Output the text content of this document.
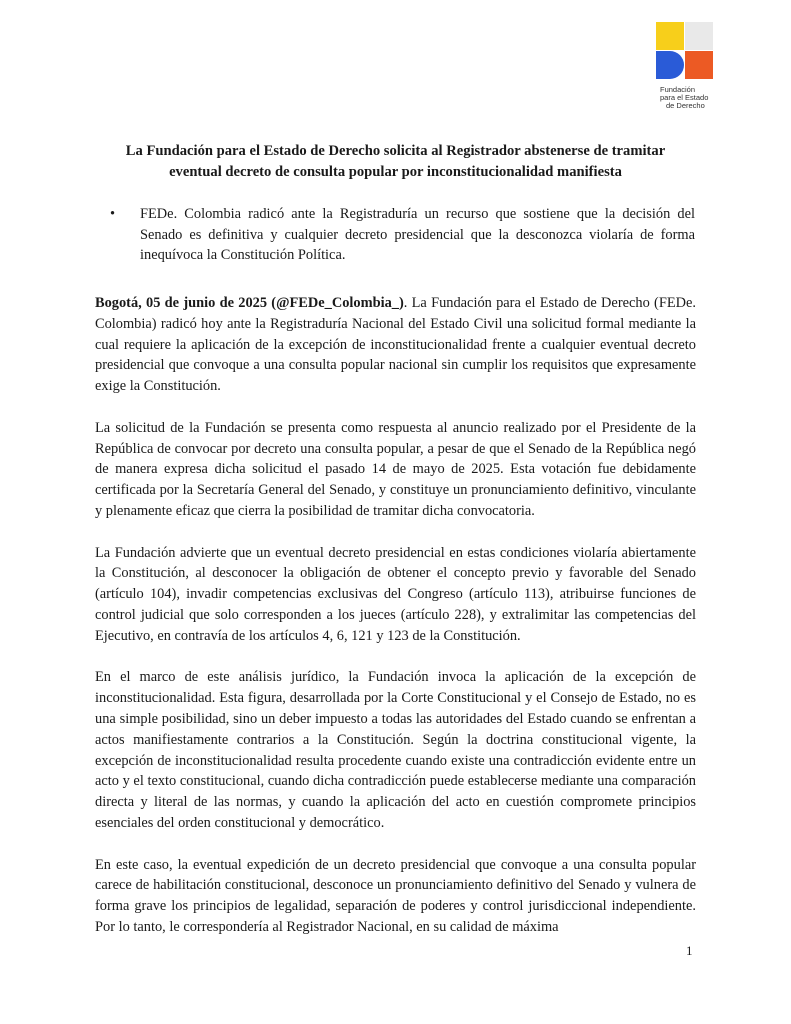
Fundación
para el Estado
de Derecho
La Fundación para el Estado de Derecho solicita al Registrador abstenerse de tramitar eventual decreto de consulta popular por inconstitucionalidad manifiesta
•	FEDe. Colombia radicó ante la Registraduría un recurso que sostiene que la decisión del Senado es definitiva y cualquier decreto presidencial que la desconozca violaría de forma inequívoca la Constitución Política.

Bogotá, 05 de junio de 2025 (@FEDe_Colombia_). La Fundación para el Estado de Derecho (FEDe. Colombia) radicó hoy ante la Registraduría Nacional del Estado Civil una solicitud formal mediante la cual requiere la aplicación de la excepción de inconstitucionalidad frente a cualquier eventual decreto presidencial que convoque a una consulta popular nacional sin cumplir los requisitos que expresamente exige la Constitución.

La solicitud de la Fundación se presenta como respuesta al anuncio realizado por el Presidente de la República de convocar por decreto una consulta popular, a pesar de que el Senado de la República negó de manera expresa dicha solicitud el pasado 14 de mayo de 2025. Esta votación fue debidamente certificada por la Secretaría General del Senado, y constituye un pronunciamiento definitivo, vinculante y plenamente eficaz que cierra la posibilidad de tramitar dicha convocatoria.

La Fundación advierte que un eventual decreto presidencial en estas condiciones violaría abiertamente la Constitución, al desconocer la obligación de obtener el concepto previo y favorable del Senado (artículo 104), invadir competencias exclusivas del Congreso (artículo 113), atribuirse funciones de control judicial que solo corresponden a los jueces (artículo 228), y extralimitar las competencias del Ejecutivo, en contravía de los artículos 4, 6, 121 y 123 de la Constitución.

En el marco de este análisis jurídico, la Fundación invoca la aplicación de la excepción de inconstitucionalidad. Esta figura, desarrollada por la Corte Constitucional y el Consejo de Estado, no es una simple posibilidad, sino un deber impuesto a todas las autoridades del Estado cuando se enfrentan a actos manifiestamente contrarios a la Constitución. Según la doctrina constitucional vigente, la excepción de inconstitucionalidad resulta procedente cuando existe una contradicción evidente entre un acto y el texto constitucional, cuando dicha contradicción puede establecerse mediante una comparación directa y literal de las normas, y cuando la aplicación del acto en cuestión compromete principios esenciales del orden constitucional y democrático.

En este caso, la eventual expedición de un decreto presidencial que convoque a una consulta popular carece de habilitación constitucional, desconoce un pronunciamiento definitivo del Senado y vulnera de forma grave los principios de legalidad, separación de poderes y control jurisdiccional independiente. Por lo tanto, le correspondería al Registrador Nacional, en su calidad de máxima

1
